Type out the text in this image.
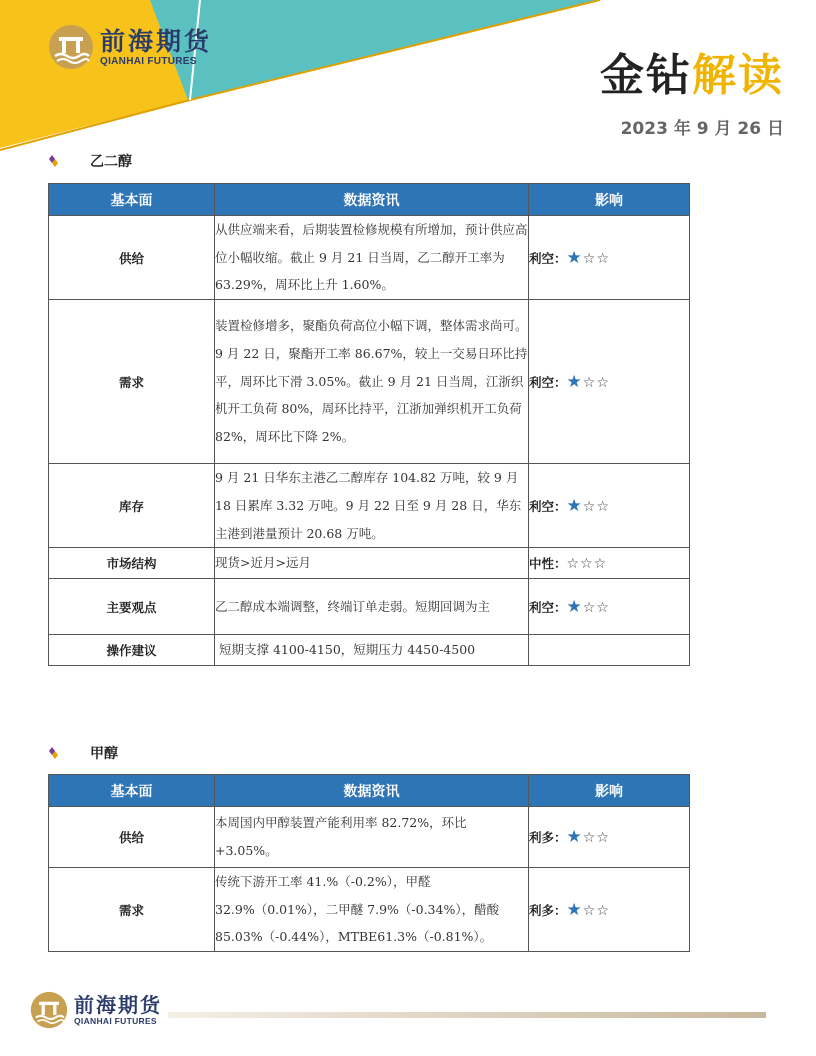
前海期货
QIANHAI FUTURES	金钻解读
2023 年 9 月 26 日
乙二醇
基本面	数据资讯	影响
供给	从供应端来看，后期装置检修规模有所增加，预计供应高位小幅收缩。截止 9 月 21 日当周，乙二醇开工率为 63.29%，周环比上升 1.60%。	利空：★☆☆
需求	装置检修增多，聚酯负荷高位小幅下调，整体需求尚可。9 月 22 日，聚酯开工率 86.67%，较上一交易日环比持平，周环比下滑 3.05%。截止 9 月 21 日当周，江浙织机开工负荷 80%，周环比持平，江浙加弹织机开工负荷 82%，周环比下降 2%。	利空：★☆☆
库存	9 月 21 日华东主港乙二醇库存 104.82 万吨，较 9 月 18 日累库 3.32 万吨。9 月 22 日至 9 月 28 日，华东主港到港量预计 20.68 万吨。	利空：★☆☆
市场结构	现货>近月>远月	中性：☆☆☆
主要观点	乙二醇成本端调整，终端订单走弱。短期回调为主	利空：★☆☆
操作建议	短期支撑 4100-4150，短期压力 4450-4500	
甲醇
基本面	数据资讯	影响
供给	本周国内甲醇装置产能利用率 82.72%，环比+3.05%。	利多：★☆☆
需求	传统下游开工率 41.%（-0.2%），甲醛 32.9%（0.01%），二甲醚 7.9%（-0.34%），醋酸 85.03%（-0.44%），MTBE61.3%（-0.81%）。	利多：★☆☆
前海期货
QIANHAI FUTURES
